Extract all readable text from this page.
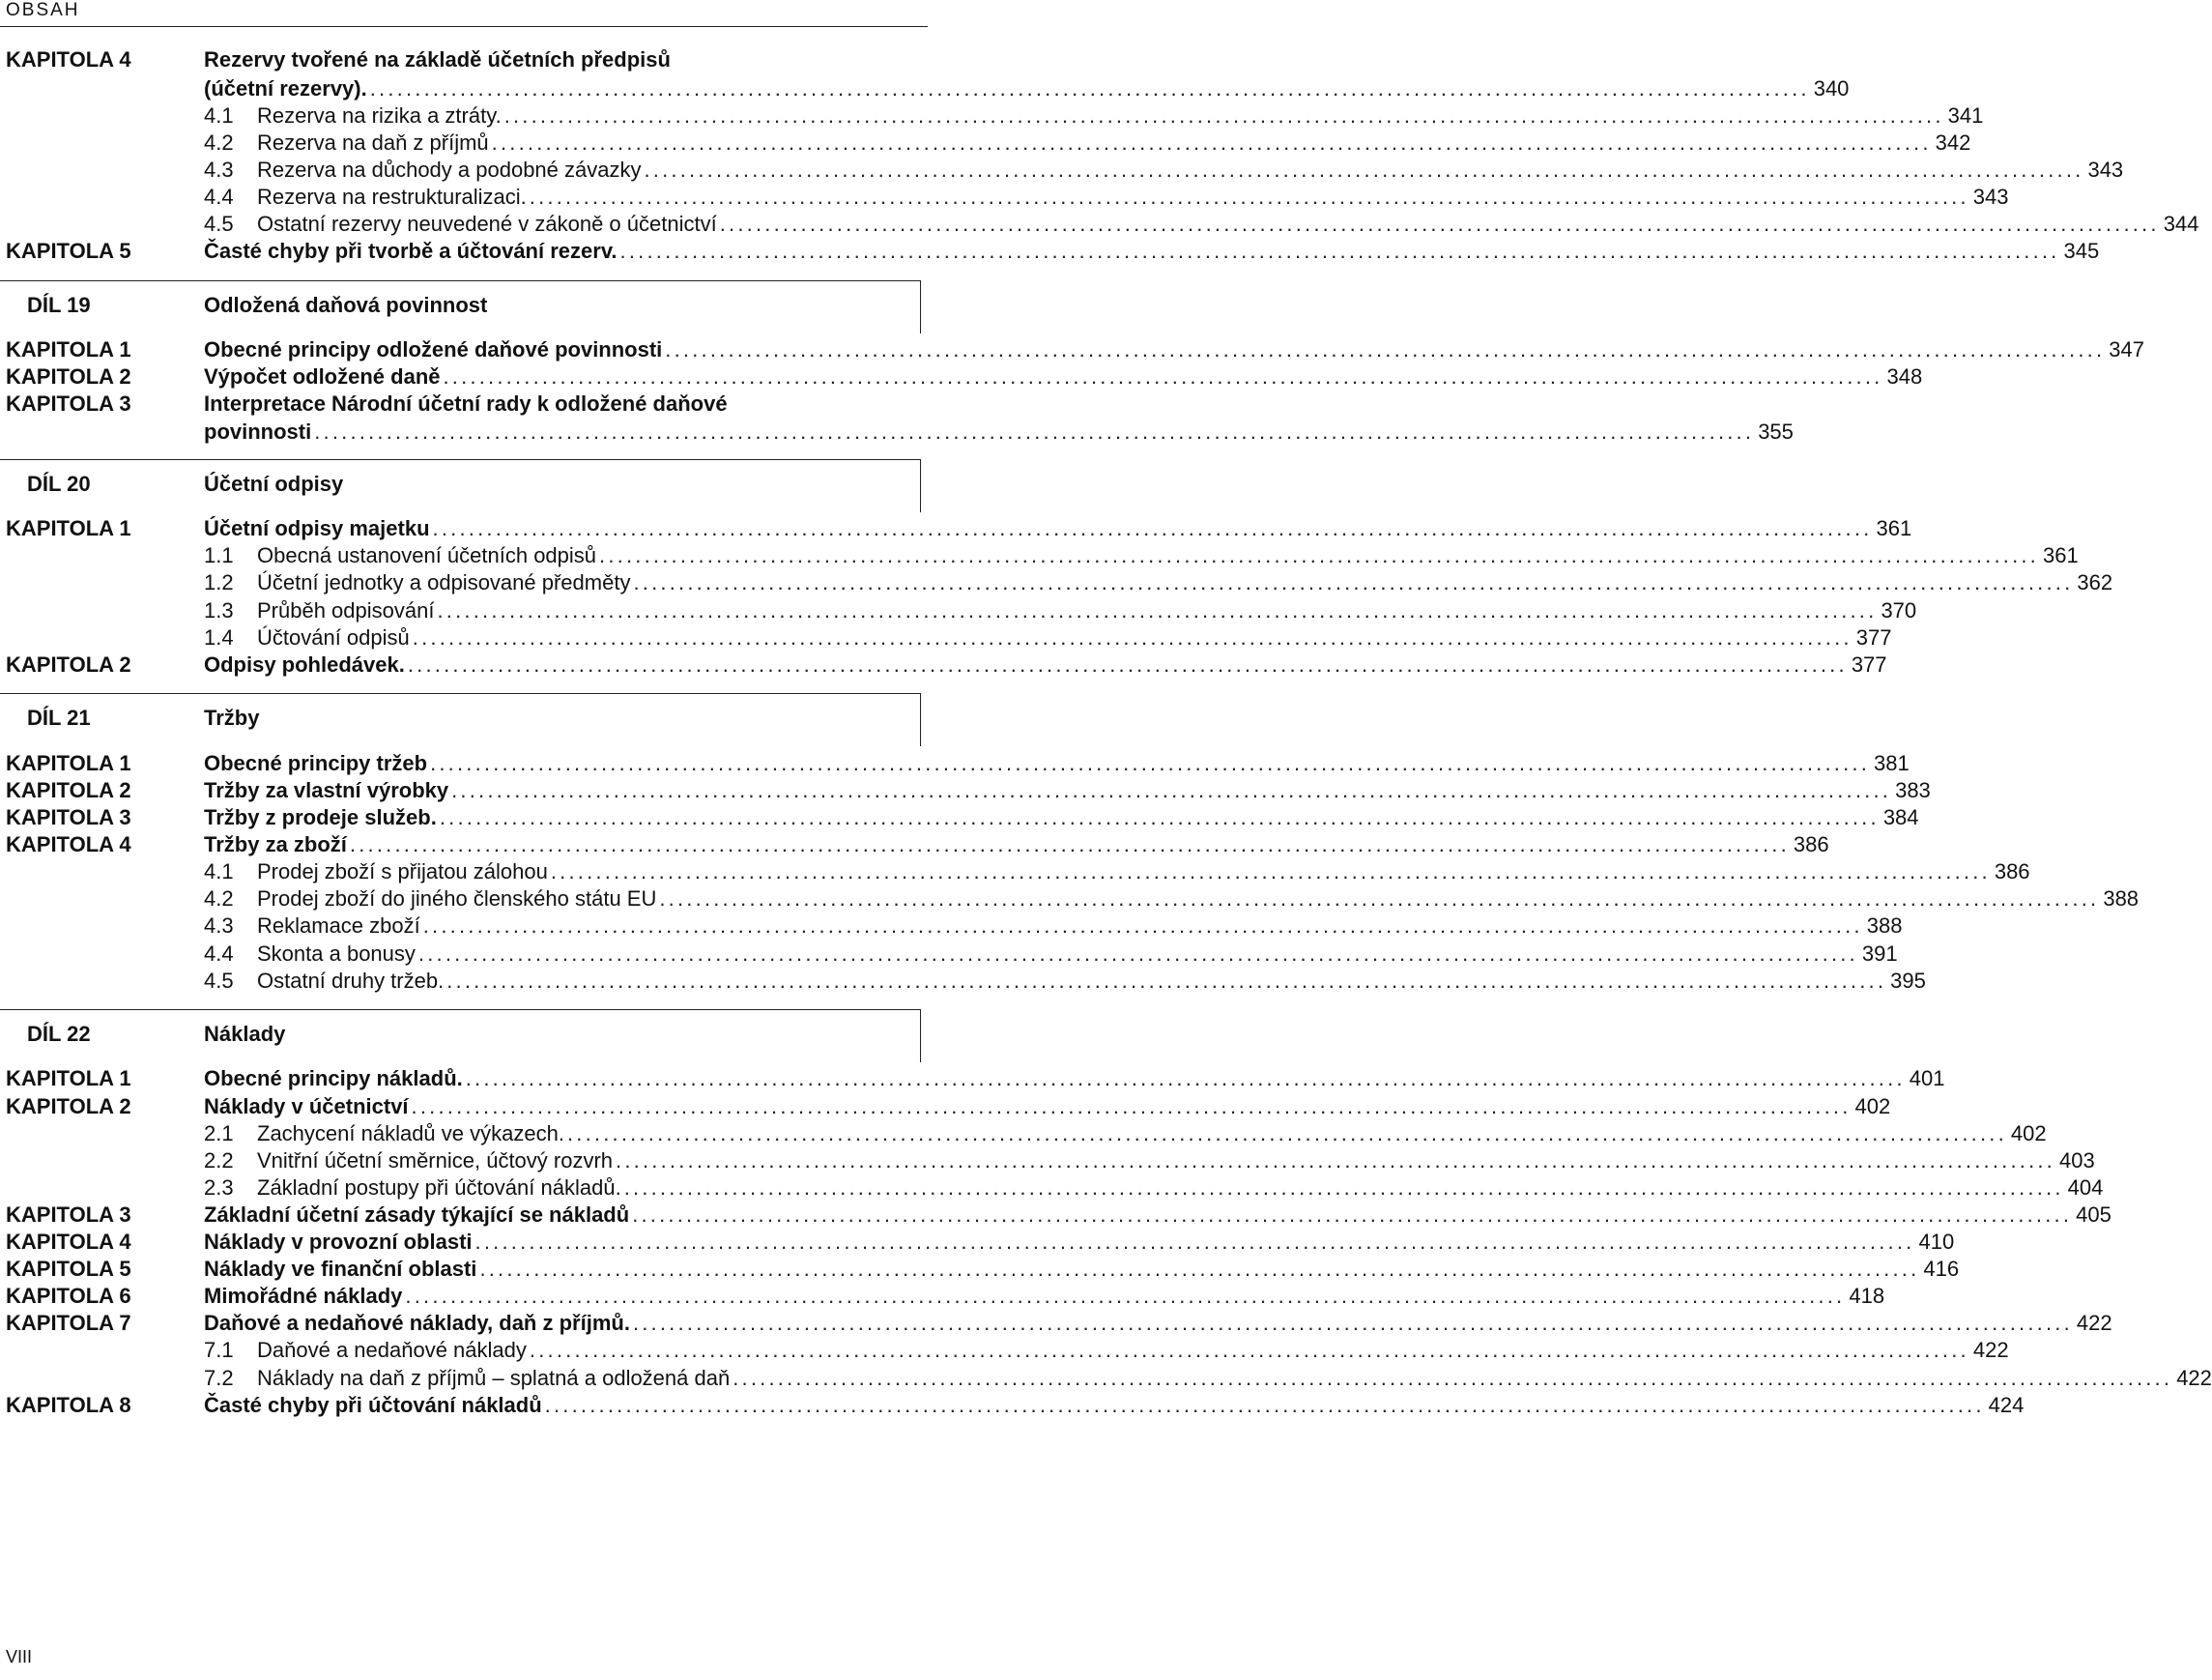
OBSAH
KAPITOLA 4	Rezervy tvořené na základě účetních předpisů
(účetní rezervy). ................................................................................................................................................................ 340
4.1 Rezerva na rizika a ztráty. ................................................................................................................................................................ 341
4.2 Rezerva na daň z příjmů ................................................................................................................................................................ 342
4.3 Rezerva na důchody a podobné závazky ................................................................................................................................................................ 343
4.4 Rezerva na restrukturalizaci. ................................................................................................................................................................ 343
4.5 Ostatní rezervy neuvedené v zákoně o účetnictví ................................................................................................................................................................ 344
KAPITOLA 5	Časté chyby při tvorbě a účtování rezerv. ................................................................................................................................................................ 345
DÍL 19	Odložená daňová povinnost
KAPITOLA 1	Obecné principy odložené daňové povinnosti ................................................................................................................................................................ 347
KAPITOLA 2	Výpočet odložené daně ................................................................................................................................................................ 348
KAPITOLA 3	Interpretace Národní účetní rady k odložené daňové
povinnosti ................................................................................................................................................................ 355
DÍL 20	Účetní odpisy
KAPITOLA 1	Účetní odpisy majetku ................................................................................................................................................................ 361
1.1 Obecná ustanovení účetních odpisů ................................................................................................................................................................ 361
1.2 Účetní jednotky a odpisované předměty ................................................................................................................................................................ 362
1.3 Průběh odpisování ................................................................................................................................................................ 370
1.4 Účtování odpisů ................................................................................................................................................................ 377
KAPITOLA 2	Odpisy pohledávek. ................................................................................................................................................................ 377
DÍL 21	Tržby
KAPITOLA 1	Obecné principy tržeb ................................................................................................................................................................ 381
KAPITOLA 2	Tržby za vlastní výrobky ................................................................................................................................................................ 383
KAPITOLA 3	Tržby z prodeje služeb. ................................................................................................................................................................ 384
KAPITOLA 4	Tržby za zboží ................................................................................................................................................................ 386
4.1 Prodej zboží s přijatou zálohou ................................................................................................................................................................ 386
4.2 Prodej zboží do jiného členského státu EU ................................................................................................................................................................ 388
4.3 Reklamace zboží ................................................................................................................................................................ 388
4.4 Skonta a bonusy ................................................................................................................................................................ 391
4.5 Ostatní druhy tržeb. ................................................................................................................................................................ 395
DÍL 22	Náklady
KAPITOLA 1	Obecné principy nákladů. ................................................................................................................................................................ 401
KAPITOLA 2	Náklady v účetnictví ................................................................................................................................................................ 402
2.1 Zachycení nákladů ve výkazech. ................................................................................................................................................................ 402
2.2 Vnitřní účetní směrnice, účtový rozvrh ................................................................................................................................................................ 403
2.3 Základní postupy při účtování nákladů. ................................................................................................................................................................ 404
KAPITOLA 3	Základní účetní zásady týkající se nákladů ................................................................................................................................................................ 405
KAPITOLA 4	Náklady v provozní oblasti ................................................................................................................................................................ 410
KAPITOLA 5	Náklady ve finanční oblasti ................................................................................................................................................................ 416
KAPITOLA 6	Mimořádné náklady ................................................................................................................................................................ 418
KAPITOLA 7	Daňové a nedaňové náklady, daň z příjmů. ................................................................................................................................................................ 422
7.1 Daňové a nedaňové náklady ................................................................................................................................................................ 422
7.2 Náklady na daň z příjmů – splatná a odložená daň ................................................................................................................................................................ 422
KAPITOLA 8	Časté chyby při účtování nákladů ................................................................................................................................................................ 424
VIII
